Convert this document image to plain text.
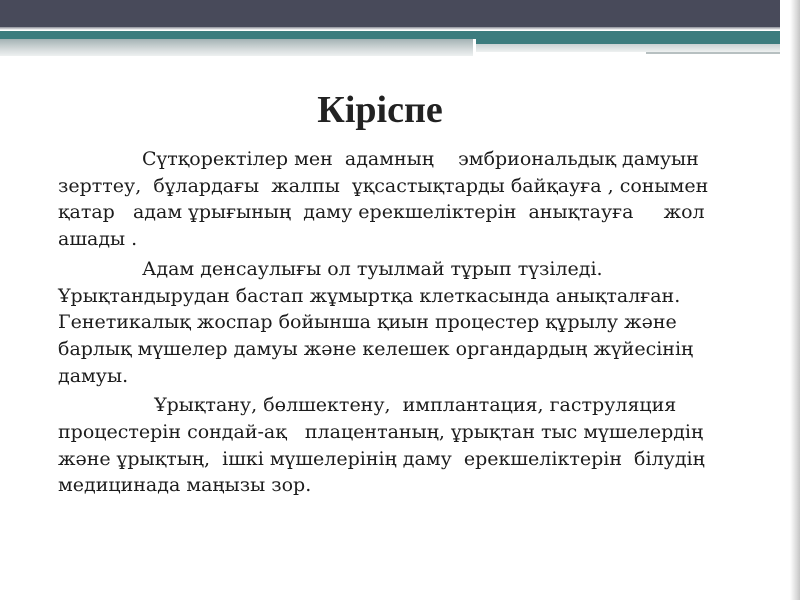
Кіріспе

Сүтқоректілер мен  адамның    эмбриональдық дамуын  зерттеу,  бұлардағы  жалпы  ұқсастықтарды байқауға , сонымен  қатар   адам ұрығының  даму ерекшеліктерін  анықтауға     жол ашады .

Адам денсаулығы ол туылмай тұрып түзіледі. Ұрықтандырудан бастап жұмыртқа клеткасында анықталған. Генетикалық жоспар бойынша қиын процестер құрылу және барлық мүшелер дамуы және келешек органдардың жүйесінің дамуы.

Ұрықтану, бөлшектену,  имплантация, гаструляция  процестерін сондай-ақ   плацентаның, ұрықтан тыс мүшелердің  және ұрықтың,  ішкі мүшелерінің даму  ерекшеліктерін  білудің  медицинада маңызы зор.
